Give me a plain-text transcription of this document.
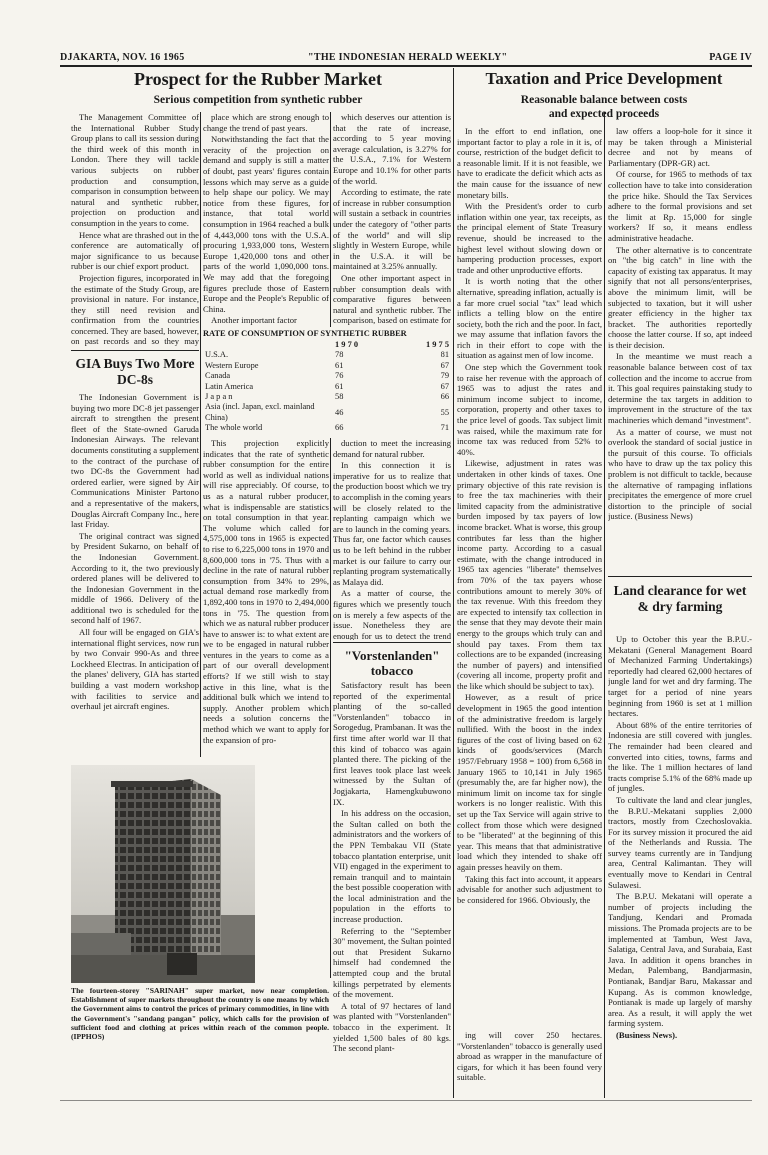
DJAKARTA, NOV. 16 1965	"THE INDONESIAN HERALD WEEKLY"	PAGE IV
Prospect for the Rubber Market
Serious competition from synthetic rubber

The Management Committee of the International Rubber Study Group plans to call its session during the third week of this month in London. There they will tackle various subjects on rubber production and consumption, comparison in consumption between natural and synthetic rubber, projection on production and consumption in the years to come.

Hence what are thrashed out in the conference are automatically of major significance to us because rubber is our chief export product.

Projection figures, incorporated in the estimate of the Study Group, are provisional in nature. For instance, they still need revision and confirmation from the countries concerned. They are based, however, on past records and so they may

place which are strong enough to change the trend of past years.

Notwithstanding the fact that the veracity of the projection on demand and supply is still a matter of doubt, past years' figures contain lessons which may serve as a guide to help shape our policy. We may notice from these figures, for instance, that total world consumption in 1964 reached a bulk of 4,443,000 tons with the U.S.A. procuring 1,933,000 tons, Western Europe 1,420,000 tons and other parts of the world 1,090,000 tons. We may add that the foregoing figures preclude those of Eastern Europe and the People's Republic of China.

Another important factor

which deserves our attention is that the rate of increase, according to 5 year moving average calculation, is 3.27% for the U.S.A., 7.1% for Western Europe and 10.1% for other parts of the world.

According to estimate, the rate of increase in rubber consumption will sustain a setback in countries under the category of "other parts of the world" and will slip slightly in Western Europe, while in the U.S.A. it will be maintained at 3.25% annually.

One other important aspect in rubber consumption deals with comparative figures between natural and synthetic rubber. The comparison, based on estimate for

RATE OF CONSUMPTION OF SYNTHETIC RUBBER
	1 9 7 0	1 9 7 5
U.S.A.	78	81
Western Europe	61	67
Canada	76	79
Latin America	61	67
J a p a n	58	66
Asia (incl. Japan, excl. mainland China)	46	55
The whole world	66	71

This projection explicitly indicates that the rate of synthetic rubber consumption for the entire world as well as individual nations will rise appreciably. Of course, to us as a natural rubber producer, what is indispensable are statistics on total consumption in that year. The volume which called for 4,575,000 tons in 1965 is expected to rise to 6,225,000 tons in 1970 and 8,600,000 tons in '75. Thus with a decline in the rate of natural rubber consumption from 34% to 29%, actual demand rose markedly from 1,892,400 tons in 1970 to 2,494,000 tons in '75. The question from which we as natural rubber producer have to answer is: to what extent are we to be engaged in natural rubber ventures in the years to come as a part of our overall development efforts? If we still wish to stay active in this line, what is the additional bulk which we intend to supply. Another problem which needs a solution concerns the method which we want to apply for the expansion of pro-

duction to meet the increasing demand for natural rubber.

In this connection it is imperative for us to realize that the production boost which we try to accomplish in the coming years will be closely related to the replanting campaign which we are to launch in the coming years. Thus far, one factor which causes us to be left behind in the rubber market is our failure to carry our replanting program systematically as Malaya did.

As a matter of course, the figures which we presently touch on is merely a few aspects of the issue. Nonetheless they are enough for us to detect the trend

GIA Buys Two More DC-8s

The Indonesian Government is buying two more DC-8 jet passenger aircraft to strengthen the present fleet of the State-owned Garuda Indonesian Airways. The relevant documents constituting a supplement to the contract of the purchase of two DC-8s the Government had ordered earlier, were signed by Air Communications Minister Partono and a representative of the makers, Douglas Aircraft Company Inc., here last Friday.

The original contract was signed by President Sukarno, on behalf of the Indonesian Government. According to it, the two previously ordered planes will be delivered to the Indonesian Government in the middle of 1966. Delivery of the additional two is scheduled for the second half of 1967.

All four will be engaged on GIA's international flight services, now run by two Convair 990-As and three Lockheed Electras. In anticipation of the planes' delivery, GIA has started building a vast modern workshop with facilities to service and overhaul jet aircraft engines.

The fourteen-storey "SARINAH" super market, now near completion. Establishment of super markets throughout the country is one means by which the Government aims to control the prices of primary commodities, in line with the Government's "sandang pangan" policy, which calls for the provision of sufficient food and clothing at prices within reach of the common people. (IPPHOS)
"Vorstenlanden" tobacco

Satisfactory result has been reported of the experimental planting of the so-called "Vorstenlanden" tobacco in Sorogedug, Prambanan. It was the first time after world war II that this kind of tobacco was again planted there. The picking of the first leaves took place last week witnessed by the Sultan of Jogjakarta, Hamengkubuwono IX.

In his address on the occasion, the Sultan called on both the administrators and the workers of the PPN Tembakau VII (State tobacco plantation enterprise, unit VII) engaged in the experiment to remain tranquil and to maintain the best possible cooperation with the local administration and the population in the efforts to increase production.

Referring to the "September 30" movement, the Sultan pointed out that President Sukarno himself had condemned the attempted coup and the brutal killings perpetrated by elements of the movement.

A total of 97 hectares of land was planted with "Vorstenlanden" tobacco in the experiment. It yielded 1,500 bales of 80 kgs. The second plant-

Taxation and Price Development
Reasonable balance between costs
and expected proceeds

In the effort to end inflation, one important factor to play a role in it is, of course, restriction of the budget deficit to a reasonable limit. If it is not feasible, we have to eradicate the deficit which acts as the main cause for the issuance of new monetary bills.

With the President's order to curb inflation within one year, tax receipts, as the principal element of State Treasury revenue, should be increased to the highest level without slowing down or hampering production processes, export trade and other unproductive efforts.

It is worth noting that the other alternative, spreading inflation, actually is a far more cruel social "tax" lead which inflicts a telling blow on the entire society, both the rich and the poor. In fact, we may assume that inflation favors the rich in their effort to cope with the situation as against men of low income.

One step which the Government took to raise her revenue with the approach of 1965 was to adjust the rates and minimum income subject to income, corporation, property and other taxes to the price level of goods. Tax subject limit was raised, while the maximum rate for income tax was reduced from 52% to 40%.

Likewise, adjustment in rates was undertaken in other kinds of taxes. One primary objective of this rate revision is to free the tax machineries with their limited capacity from the administrative burden imposed by tax payers of low income bracket. What is worse, this group contributes far less than the higher income party. According to a casual estimate, with the change introduced in 1965 tax agencies "liberate" themselves from 70% of the tax payers whose contributions amount to merely 30% of the tax revenue. With this freedom they are expected to intensify tax collection in the sense that they may devote their main energy to the groups which truly can and should pay taxes. From them tax collections are to be expanded (increasing the number of payers) and intensified (covering all income, property profit and the like which should be subject to tax).

However, as a result of price development in 1965 the good intention of the administrative freedom is largely nullified. With the boost in the index figures of the cost of living based on 62 kinds of goods/services (March 1957/February 1958 = 100) from 6,568 in January 1965 to 10,141 in July 1965 (presumably the, are far higher now), the minimum limit on income tax for single workers is no longer realistic. With this set up the Tax Service will again strive to collect from those which were designed to be "liberated" at the beginning of this year. This means that that administrative load which they intended to shake off again presses heavily on them.

Taking this fact into account, it appears advisable for another such adjustment to be considered for 1966. Obviously, the

law offers a loop-hole for it since it may be taken through a Ministerial decree and not by means of Parliamentary (DPR-GR) act.

Of course, for 1965 to methods of tax collection have to take into consideration the price hike. Should the Tax Services adhere to the formal provisions and set the limit at Rp. 15,000 for single workers? If so, it means endless administrative headache.

The other alternative is to concentrate on "the big catch" in line with the capacity of existing tax apparatus. It may signify that not all persons/enterprises, above the minimum limit, will be subjected to taxation, but it will usher greater efficiency in the higher tax bracket. The authorities reportedly choose the latter course. If so, apt indeed is their decision.

In the meantime we must reach a reasonable balance between cost of tax collection and the income to accrue from it. This goal requires painstaking study to determine the tax targets in addition to improvement in the structure of the tax machineries which demand "investment".

As a matter of course, we must not overlook the standard of social justice in the pursuit of this course. To officials who have to draw up the tax policy this problem is not difficult to tackle, because the alternative of rampaging inflations precipitates the emergence of more cruel distortion to the principle of social justice. (Business News)

Land clearance for wet & dry farming

Up to October this year the B.P.U.-Mekatani (General Management Board of Mechanized Farming Undertakings) reportedly had cleared 62,000 hectares of jungle land for wet and dry farming. The target for a period of nine years beginning from 1960 is set at 1 million hectares.

About 68% of the entire territories of Indonesia are still covered with jungles. The remainder had been cleared and converted into cities, towns, farms and the like. The 1 million hectares of land tracts comprise 5.1% of the 68% made up of jungles.

To cultivate the land and clear jungles, the B.P.U.-Mekatani supplies 2,000 tractors, mostly from Czechoslovakia. For its survey mission it procured the aid of the Netherlands and Russia. The survey teams currently are in Tandjung area, Central Kalimantan. They will eventually move to Kendari in Central Sulawesi.

The B.P.U. Mekatani will operate a number of projects including the Tandjung, Kendari and Promada missions. The Promada projects are to be implemented at Tambun, West Java, Salatiga, Central Java, and Surabaia, East Java. In addition it opens branches in Medan, Palembang, Bandjarmasin, Pontianak, Bandjar Baru, Makassar and Kupang. As is common knowledge, Pontianak is made up largely of marshy area. As a result, it will apply the wet farming system.

(Business News).

ing will cover 250 hectares. "Vorstenlanden" tobacco is generally used abroad as wrapper in the manufacture of cigars, for which it has been found very suitable.
